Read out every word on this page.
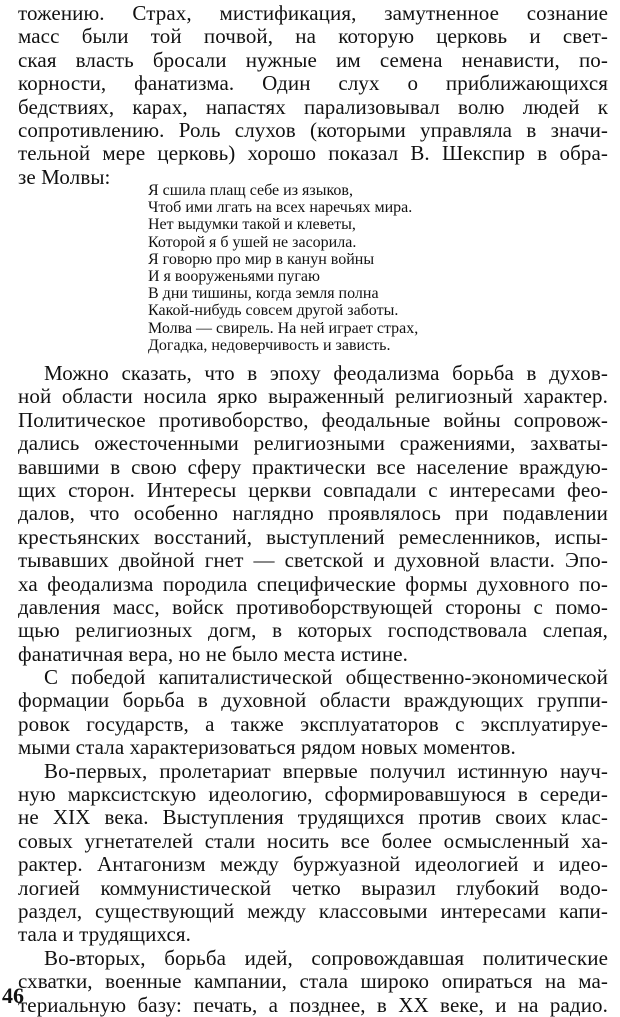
тожению. Страх, мистификация, замутненное сознание
масс были той почвой, на которую церковь и свет-
ская власть бросали нужные им семена ненависти, по-
корности, фанатизма. Один слух о приближающихся
бедствиях, карах, напастях парализовывал волю людей к
сопротивлению. Роль слухов (которыми управляла в значи-
тельной мере церковь) хорошо показал В. Шекспир в обра-
зе Молвы:
Я сшила плащ себе из языков,
Чтоб ими лгать на всех наречьях мира.
Нет выдумки такой и клеветы,
Которой я б ушей не засорила.
Я говорю про мир в канун войны
И я вооруженьями пугаю
В дни тишины, когда земля полна
Какой-нибудь совсем другой заботы.
Молва — свирель. На ней играет страх,
Догадка, недоверчивость и зависть.
Можно сказать, что в эпоху феодализма борьба в духов-
ной области носила ярко выраженный религиозный характер.
Политическое противоборство, феодальные войны сопровож-
дались ожесточенными религиозными сражениями, захваты-
вавшими в свою сферу практически все население враждую-
щих сторон. Интересы церкви совпадали с интересами фео-
далов, что особенно наглядно проявлялось при подавлении
крестьянских восстаний, выступлений ремесленников, испы-
тывавших двойной гнет — светской и духовной власти. Эпо-
ха феодализма породила специфические формы духовного по-
давления масс, войск противоборствующей стороны с помо-
щью религиозных догм, в которых господствовала слепая,
фанатичная вера, но не было места истине.
С победой капиталистической общественно-экономической
формации борьба в духовной области враждующих группи-
ровок государств, а также эксплуататоров с эксплуатируе-
мыми стала характеризоваться рядом новых моментов.
Во-первых, пролетариат впервые получил истинную науч-
ную марксистскую идеологию, сформировавшуюся в середи-
не XIX века. Выступления трудящихся против своих клас-
совых угнетателей стали носить все более осмысленный ха-
рактер. Антагонизм между буржуазной идеологией и идео-
логией коммунистической четко выразил глубокий водо-
раздел, существующий между классовыми интересами капи-
тала и трудящихся.
Во-вторых, борьба идей, сопровождавшая политические
схватки, военные кампании, стала широко опираться на ма-
териальную базу: печать, а позднее, в XX веке, и на радио.
46
